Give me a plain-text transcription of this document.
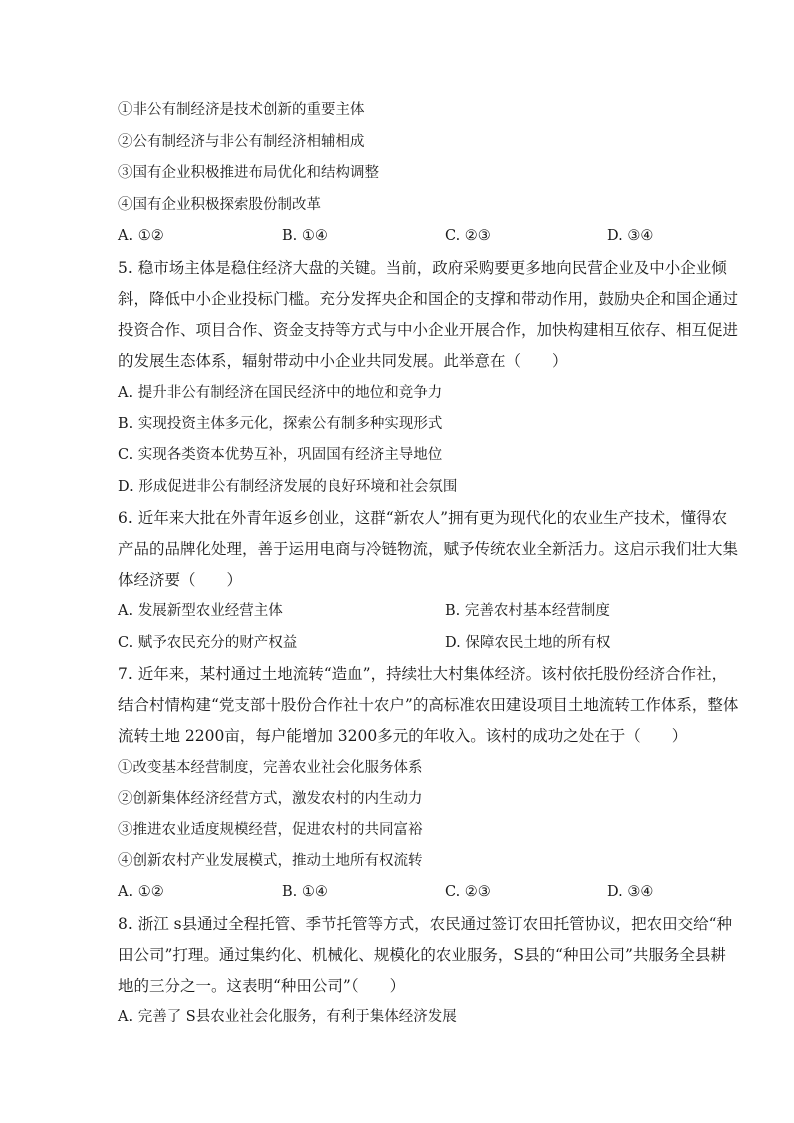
①非公有制经济是技术创新的重要主体
②公有制经济与非公有制经济相辅相成
③国有企业积极推进布局优化和结构调整
④国有企业积极探索股份制改革
A. ①②	B. ①④	C. ②③	D. ③④
5. 稳市场主体是稳住经济大盘的关键。当前，政府采购要更多地向民营企业及中小企业倾
斜，降低中小企业投标门槛。充分发挥央企和国企的支撑和带动作用，鼓励央企和国企通过
投资合作、项目合作、资金支持等方式与中小企业开展合作，加快构建相互依存、相互促进
的发展生态体系，辐射带动中小企业共同发展。此举意在（　　）
A. 提升非公有制经济在国民经济中的地位和竞争力
B. 实现投资主体多元化，探索公有制多种实现形式
C. 实现各类资本优势互补，巩固国有经济主导地位
D. 形成促进非公有制经济发展的良好环境和社会氛围
6. 近年来大批在外青年返乡创业，这群“新农人”拥有更为现代化的农业生产技术，懂得农
产品的品牌化处理，善于运用电商与冷链物流，赋予传统农业全新活力。这启示我们壮大集
体经济要（　　）
A. 发展新型农业经营主体	B. 完善农村基本经营制度
C. 赋予农民充分的财产权益	D. 保障农民土地的所有权
7. 近年来，某村通过土地流转“造血”，持续壮大村集体经济。该村依托股份经济合作社，
结合村情构建“党支部十股份合作社十农户”的高标准农田建设项目土地流转工作体系，整体
流转土地 2200亩，每户能增加 3200多元的年收入。该村的成功之处在于（　　）
①改变基本经营制度，完善农业社会化服务体系
②创新集体经济经营方式，激发农村的内生动力
③推进农业适度规模经营，促进农村的共同富裕
④创新农村产业发展模式，推动土地所有权流转
A. ①②	B. ①④	C. ②③	D. ③④
8. 浙江 s县通过全程托管、季节托管等方式，农民通过签订农田托管协议，把农田交给“种
田公司”打理。通过集约化、机械化、规模化的农业服务，S县的“种田公司”共服务全县耕
地的三分之一。这表明“种田公司”（　　）
A. 完善了 S县农业社会化服务，有利于集体经济发展
